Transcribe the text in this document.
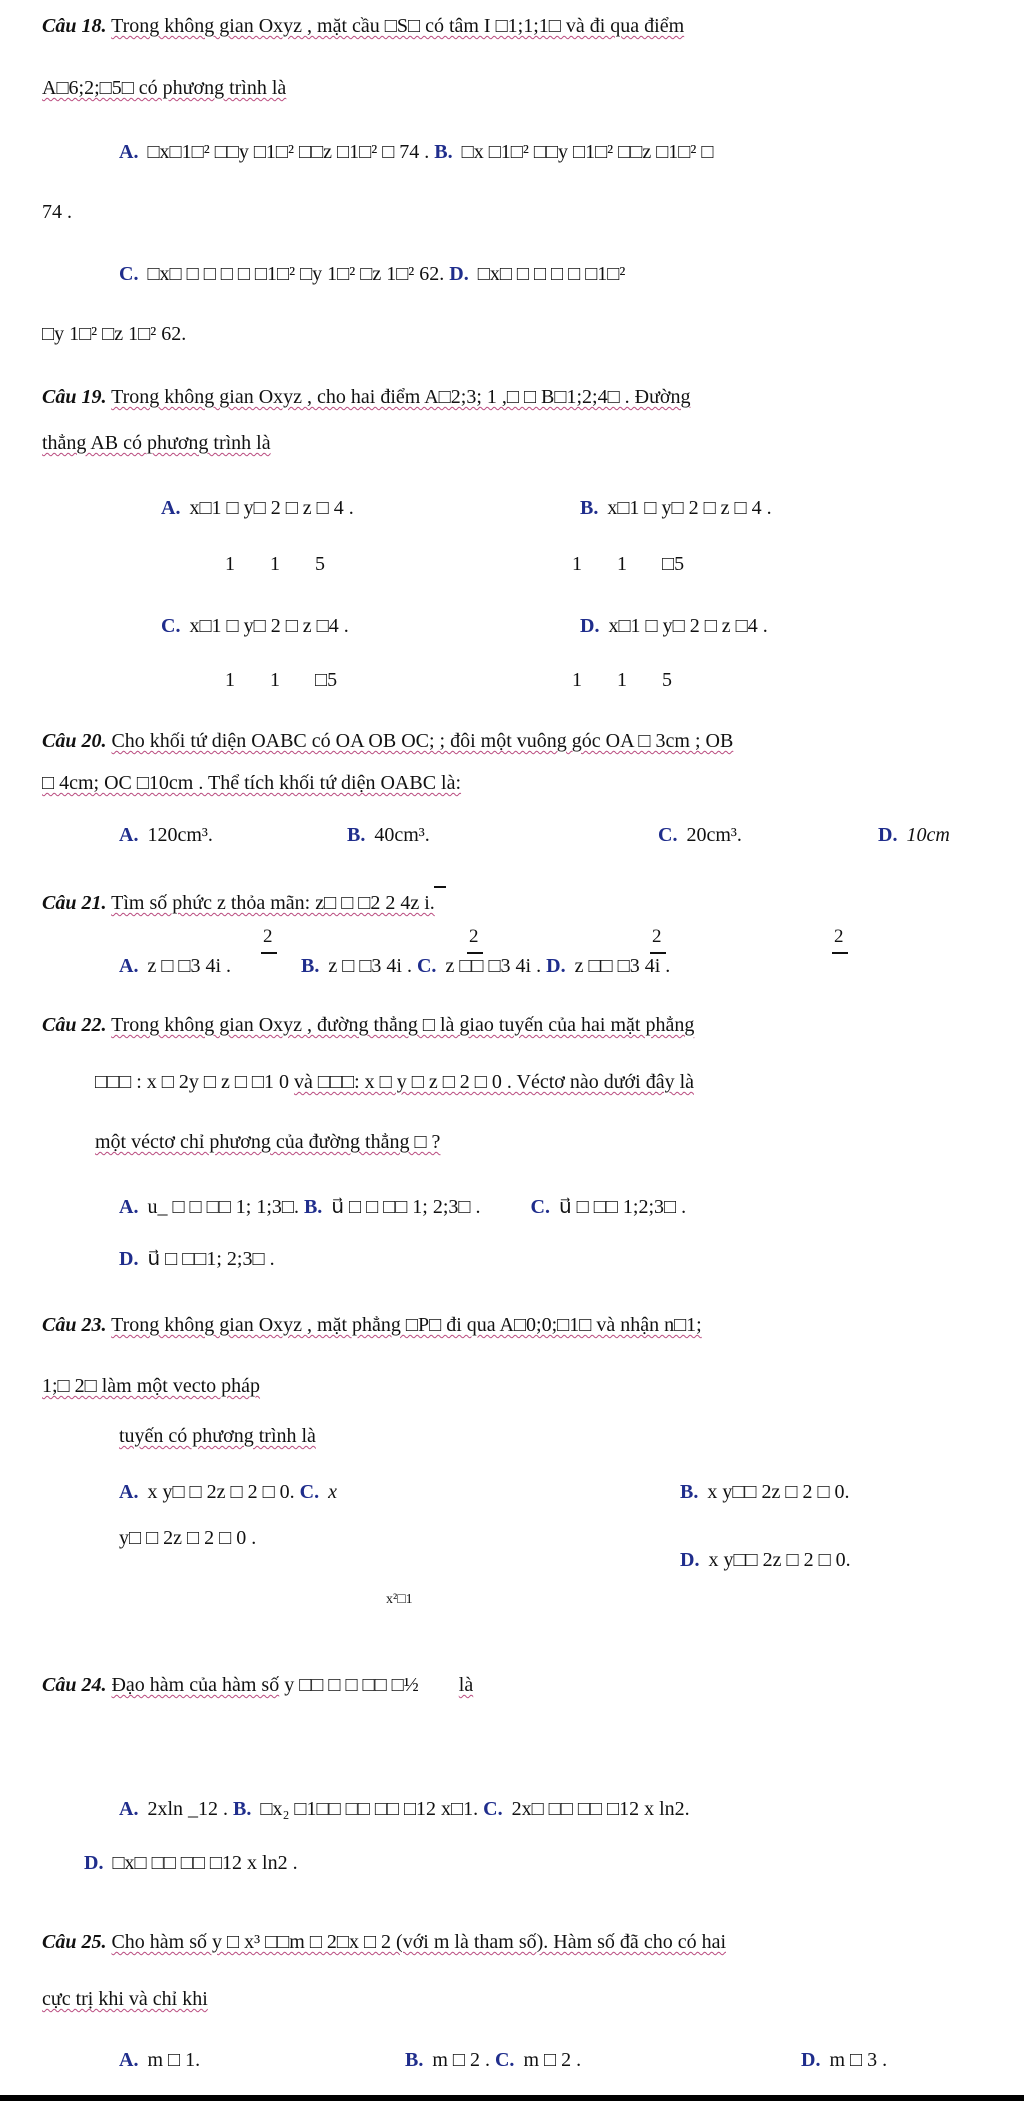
Câu 18. Trong không gian Oxyz , mặt cầu □S□ có tâm I □1;1;1□ và đi qua điểm
A□6;2;□5□ có phương trình là
A. □x□1□² □□y □1□² □□z □1□² □ 74 . B. □x □1□² □□y □1□² □□z □1□² □
74 .
C. □x□ □ □ □ □ □1□² □y 1□² □z 1□² 62. D. □x□ □ □ □ □ □1□²
□y 1□² □z 1□² 62.
Câu 19. Trong không gian Oxyz , cho hai điểm A□2;3; 1 ,□ □ B□1;2;4□ . Đường
thẳng AB có phương trình là
A. x□1 □ y□ 2 □ z □ 4 .	B. x□1 □ y□ 2 □ z □ 4 .
1 1 5	1 1 □5
C. x□1 □ y□ 2 □ z □4 .	D. x□1 □ y□ 2 □ z □4 .
1 1 □5	1 1 5
Câu 20. Cho khối tứ diện OABC có OA OB OC; ; đôi một vuông góc OA □ 3cm ; OB
□ 4cm; OC □10cm . Thể tích khối tứ diện OABC là:
A. 120cm³.	B. 40cm³.	C. 20cm³.	D. 10cm
Câu 21. Tìm số phức z thỏa mãn: z□ □ □2 2 4z i.
2	2	2	2
A. z □ □3 4i .	B. z □ □3 4i . C. z □□ □3 4i . D. z □□ □3 4i .
Câu 22. Trong không gian Oxyz , đường thẳng □ là giao tuyến của hai mặt phẳng
□□□ : x □ 2y □ z □ □1 0 và □□□: x □ y □ z □ 2 □ 0 . Véctơ nào dưới đây là
một véctơ chỉ phương của đường thẳng □ ?
A. u_ □ □ □□ 1; 1;3□. B. u⃗ □ □ □□ 1; 2;3□ .	C. u⃗ □ □□ 1;2;3□ .
D. u⃗ □ □□1; 2;3□ .
Câu 23. Trong không gian Oxyz , mặt phẳng □P□ đi qua A□0;0;□1□ và nhận n□1;
1;□ 2□ làm một vecto pháp
tuyến có phương trình là
A. x y□ □ 2z □ 2 □ 0. C. x	B. x y□□ 2z □ 2 □ 0.
y□ □ 2z □ 2 □ 0 .
D. x y□□ 2z □ 2 □ 0.
x²□1
Câu 24. Đạo hàm của hàm số y □□ □ □ □□ □½ là
A. 2xln _12 . B. □x₂ □1□□ □□ □□ □12 x□1. C. 2x□ □□ □□ □12 x ln2.
D. □x□ □□ □□ □12 x ln2 .
Câu 25. Cho hàm số y □ x³ □□m □ 2□x □ 2 (với m là tham số). Hàm số đã cho có hai
cực trị khi và chỉ khi
A. m □ 1.	B. m □ 2 . C. m □ 2 .	D. m □ 3 .
